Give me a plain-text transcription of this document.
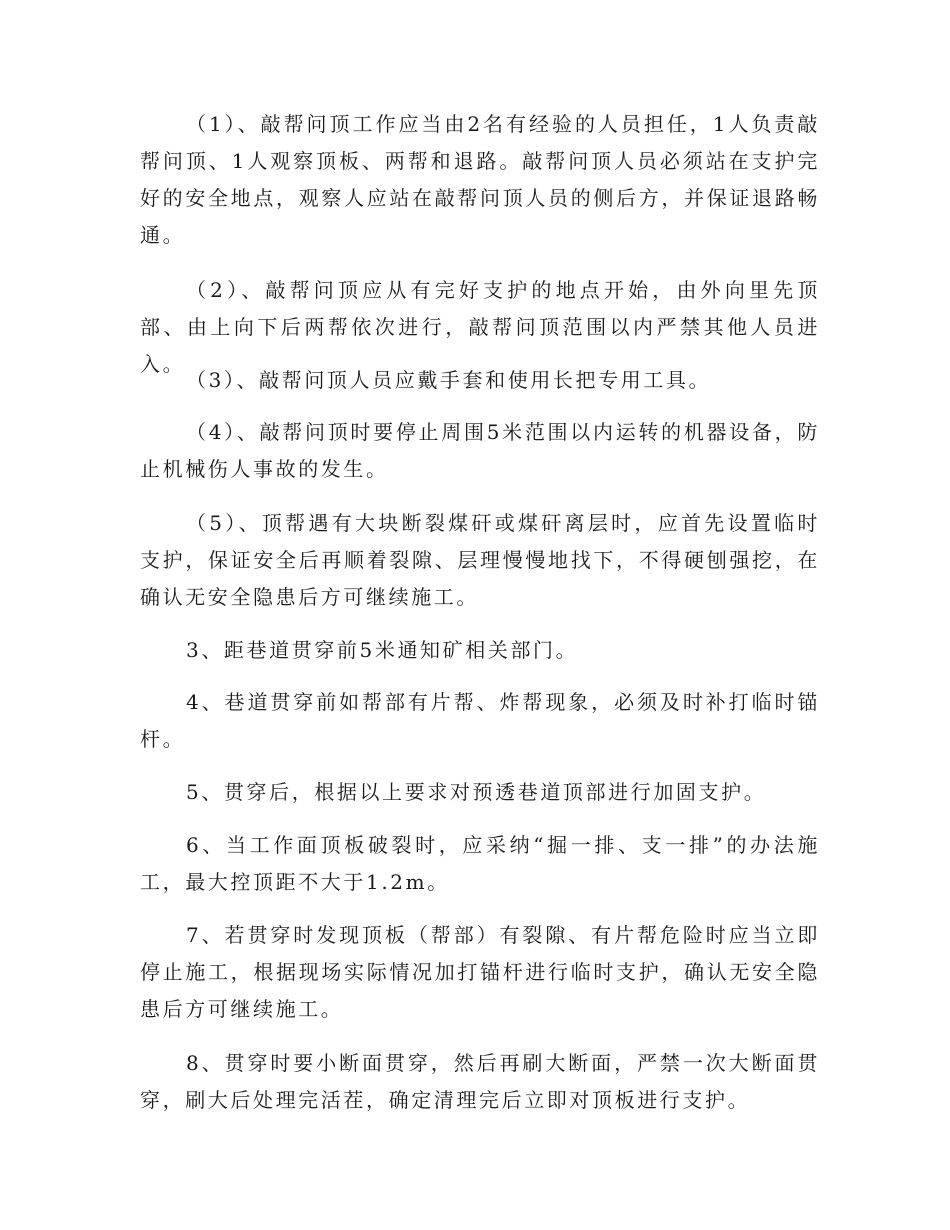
（1）、敲帮问顶工作应当由2名有经验的人员担任，1人负责敲帮问顶、1人观察顶板、两帮和退路。敲帮问顶人员必须站在支护完好的安全地点，观察人应站在敲帮问顶人员的侧后方，并保证退路畅通。

（2）、敲帮问顶应从有完好支护的地点开始，由外向里先顶部、由上向下后两帮依次进行，敲帮问顶范围以内严禁其他人员进入。

（3）、敲帮问顶人员应戴手套和使用长把专用工具。

（4）、敲帮问顶时要停止周围5米范围以内运转的机器设备，防止机械伤人事故的发生。

（5）、顶帮遇有大块断裂煤矸或煤矸离层时，应首先设置临时支护，保证安全后再顺着裂隙、层理慢慢地找下，不得硬刨强挖，在确认无安全隐患后方可继续施工。

3、距巷道贯穿前5米通知矿相关部门。

4、巷道贯穿前如帮部有片帮、炸帮现象，必须及时补打临时锚杆。

5、贯穿后，根据以上要求对预透巷道顶部进行加固支护。

6、当工作面顶板破裂时，应采纳“掘一排、支一排”的办法施工，最大控顶距不大于1.2m。

7、若贯穿时发现顶板（帮部）有裂隙、有片帮危险时应当立即停止施工，根据现场实际情况加打锚杆进行临时支护，确认无安全隐患后方可继续施工。

8、贯穿时要小断面贯穿，然后再刷大断面，严禁一次大断面贯穿，刷大后处理完活茬，确定清理完后立即对顶板进行支护。
